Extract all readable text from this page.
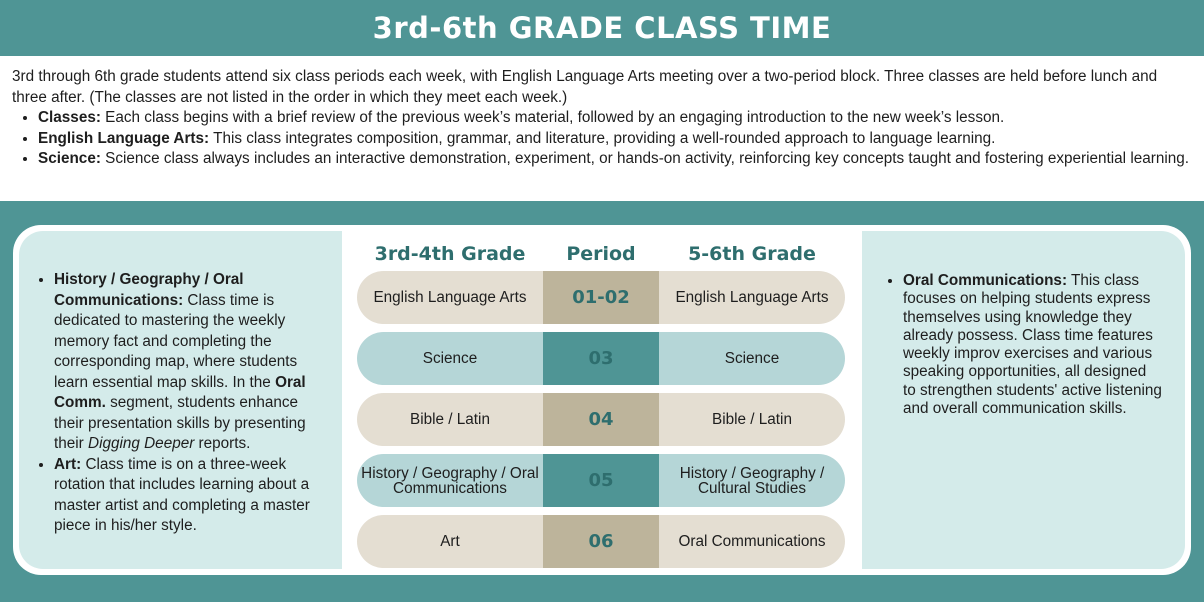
3rd-6th GRADE CLASS TIME

3rd through 6th grade students attend six class periods each week, with English Language Arts meeting over a two-period block. Three classes are held before lunch and three after. (The classes are not listed in the order in which they meet each week.)

• Classes: Each class begins with a brief review of the previous week’s material, followed by an engaging introduction to the new week’s lesson.
• English Language Arts: This class integrates composition, grammar, and literature, providing a well-rounded approach to language learning.
• Science: Science class always includes an interactive demonstration, experiment, or hands-on activity, reinforcing key concepts taught and fostering experiential learning.
• History / Geography / Oral Communications: Class time is dedicated to mastering the weekly memory fact and completing the corresponding map, where students learn essential map skills. In the Oral Comm. segment, students enhance their presentation skills by presenting their Digging Deeper reports.
• Art: Class time is on a three-week rotation that includes learning about a master artist and completing a master piece in his/her style.
• Oral Communications: This class focuses on helping students express themselves using knowledge they already possess. Class time features weekly improv exercises and various speaking opportunities, all designed to strengthen students' active listening and overall communication skills.
3rd-4th Grade	Period	5-6th Grade
English Language Arts	01-02	English Language Arts
Science	03	Science
Bible / Latin	04	Bible / Latin
History / Geography / Oral Communications	05	History / Geography / Cultural Studies
Art	06	Oral Communications
